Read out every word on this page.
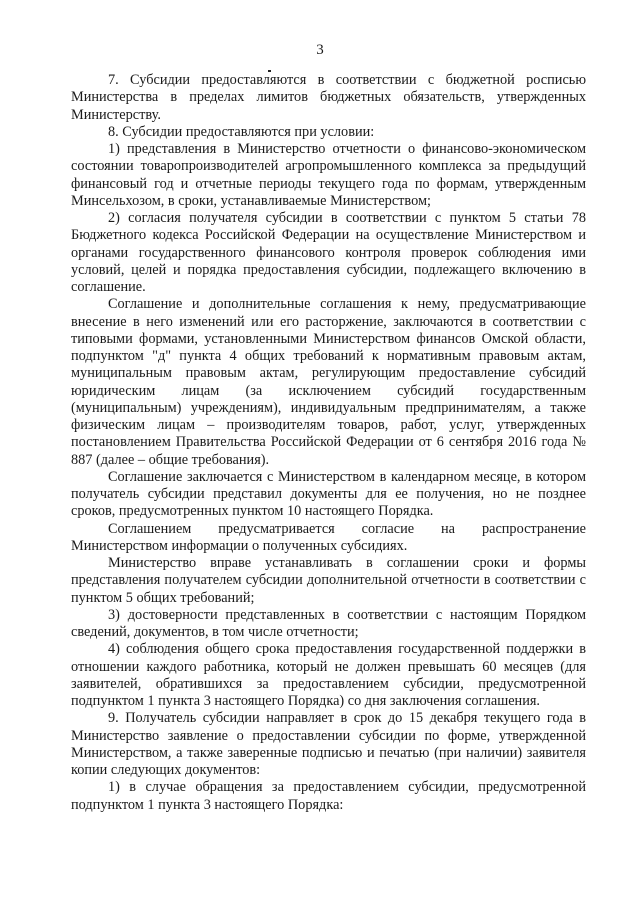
3

7. Субсидии предоставляются в соответствии с бюджетной росписью Министерства в пределах лимитов бюджетных обязательств, утвержденных Министерству.

8. Субсидии предоставляются при условии:

1) представления в Министерство отчетности о финансово-экономическом состоянии товаропроизводителей агропромышленного комплекса за предыдущий финансовый год и отчетные периоды текущего года по формам, утвержденным Минсельхозом, в сроки, устанавливаемые Министерством;

2) согласия получателя субсидии в соответствии с пунктом 5 статьи 78 Бюджетного кодекса Российской Федерации на осуществление Министерством и органами государственного финансового контроля проверок соблюдения ими условий, целей и порядка предоставления субсидии, подлежащего включению в соглашение.

Соглашение и дополнительные соглашения к нему, предусматривающие внесение в него изменений или его расторжение, заключаются в соответствии с типовыми формами, установленными Министерством финансов Омской области, подпунктом "д" пункта 4 общих требований к нормативным правовым актам, муниципальным правовым актам, регулирующим предоставление субсидий юридическим лицам (за исключением субсидий государственным (муниципальным) учреждениям), индивидуальным предпринимателям, а также физическим лицам – производителям товаров, работ, услуг, утвержденных постановлением Правительства Российской Федерации от 6 сентября 2016 года № 887 (далее – общие требования).

Соглашение заключается с Министерством в календарном месяце, в котором получатель субсидии представил документы для ее получения, но не позднее сроков, предусмотренных пунктом 10 настоящего Порядка.

Соглашением предусматривается согласие на распространение Министерством информации о полученных субсидиях.

Министерство вправе устанавливать в соглашении сроки и формы представления получателем субсидии дополнительной отчетности в соответствии с пунктом 5 общих требований;

3) достоверности представленных в соответствии с настоящим Порядком сведений, документов, в том числе отчетности;

4) соблюдения общего срока предоставления государственной поддержки в отношении каждого работника, который не должен превышать 60 месяцев (для заявителей, обратившихся за предоставлением субсидии, предусмотренной подпунктом 1 пункта 3 настоящего Порядка) со дня заключения соглашения.

9. Получатель субсидии направляет в срок до 15 декабря текущего года в Министерство заявление о предоставлении субсидии по форме, утвержденной Министерством, а также заверенные подписью и печатью (при наличии) заявителя копии следующих документов:

1) в случае обращения за предоставлением субсидии, предусмотренной подпунктом 1 пункта 3 настоящего Порядка:
